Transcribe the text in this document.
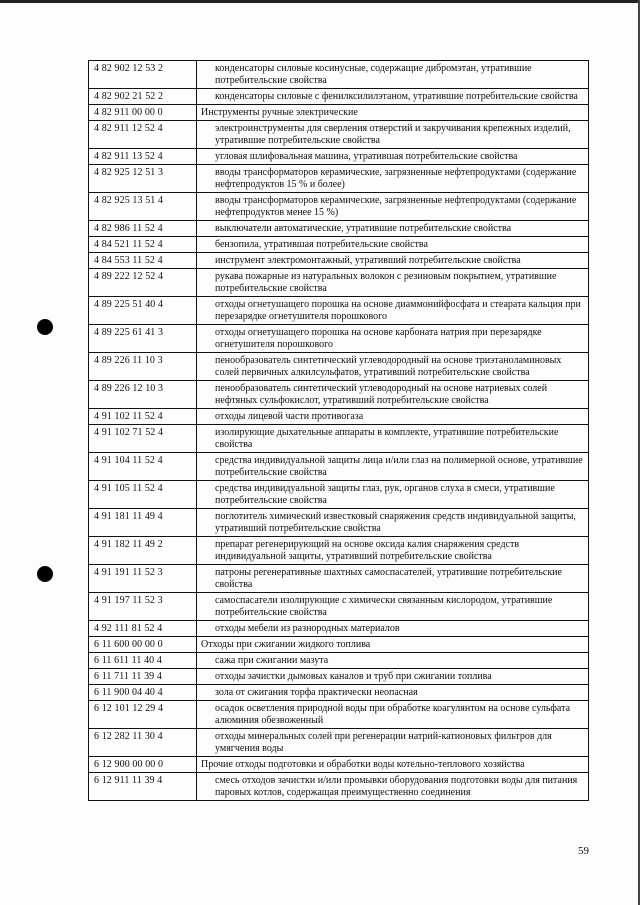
4 82 902 12 53 2	конденсаторы силовые косинусные, содержащие дибромэтан, утратившие потребительские свойства
4 82 902 21 52 2	конденсаторы силовые с фенилксилилэтаном, утратившие потребительские свойства
4 82 911 00 00 0	Инструменты ручные электрические
4 82 911 12 52 4	электроинструменты для сверления отверстий и закручивания крепежных изделий, утратившие потребительские свойства
4 82 911 13 52 4	угловая шлифовальная машина, утратившая потребительские свойства
4 82 925 12 51 3	вводы трансформаторов керамические, загрязненные нефтепродуктами (содержание нефтепродуктов 15 % и более)
4 82 925 13 51 4	вводы трансформаторов керамические, загрязненные нефтепродуктами (содержание нефтепродуктов менее 15 %)
4 82 986 11 52 4	выключатели автоматические, утратившие потребительские свойства
4 84 521 11 52 4	бензопила, утратившая потребительские свойства
4 84 553 11 52 4	инструмент электромонтажный, утративший потребительские свойства
4 89 222 12 52 4	рукава пожарные из натуральных волокон с резиновым покрытием, утратившие потребительские свойства
4 89 225 51 40 4	отходы огнетушащего порошка на основе диаммонийфосфата и стеарата кальция при перезарядке огнетушителя порошкового
4 89 225 61 41 3	отходы огнетушащего порошка на основе карбоната натрия при перезарядке огнетушителя порошкового
4 89 226 11 10 3	пенообразователь синтетический углеводородный на основе триэтаноламиновых солей первичных алкилсульфатов, утративший потребительские свойства
4 89 226 12 10 3	пенообразователь синтетический углеводородный на основе натриевых солей нефтяных сульфокислот, утративший потребительские свойства
4 91 102 11 52 4	отходы лицевой части противогаза
4 91 102 71 52 4	изолирующие дыхательные аппараты в комплекте, утратившие потребительские свойства
4 91 104 11 52 4	средства индивидуальной защиты лица и/или глаз на полимерной основе, утратившие потребительские свойства
4 91 105 11 52 4	средства индивидуальной защиты глаз, рук, органов слуха в смеси, утратившие потребительские свойства
4 91 181 11 49 4	поглотитель химический известковый снаряжения средств индивидуальной защиты, утративший потребительские свойства
4 91 182 11 49 2	препарат регенерирующий на основе оксида калия снаряжения средств индивидуальной защиты, утративший потребительские свойства
4 91 191 11 52 3	патроны регенеративные шахтных самоспасателей, утратившие потребительские свойства
4 91 197 11 52 3	самоспасатели изолирующие с химически связанным кислородом, утратившие потребительские свойства
4 92 111 81 52 4	отходы мебели из разнородных материалов
6 11 600 00 00 0	Отходы при сжигании жидкого топлива
6 11 611 11 40 4	сажа при сжигании мазута
6 11 711 11 39 4	отходы зачистки дымовых каналов и труб при сжигании топлива
6 11 900 04 40 4	зола от сжигания торфа практически неопасная
6 12 101 12 29 4	осадок осветления природной воды при обработке коагулянтом на основе сульфата алюминия обезвоженный
6 12 282 11 30 4	отходы минеральных солей при регенерации натрий-катионовых фильтров для умягчения воды
6 12 900 00 00 0	Прочие отходы подготовки и обработки воды котельно-теплового хозяйства
6 12 911 11 39 4	смесь отходов зачистки и/или промывки оборудования подготовки воды для питания паровых котлов, содержащая преимущественно соединения
59
